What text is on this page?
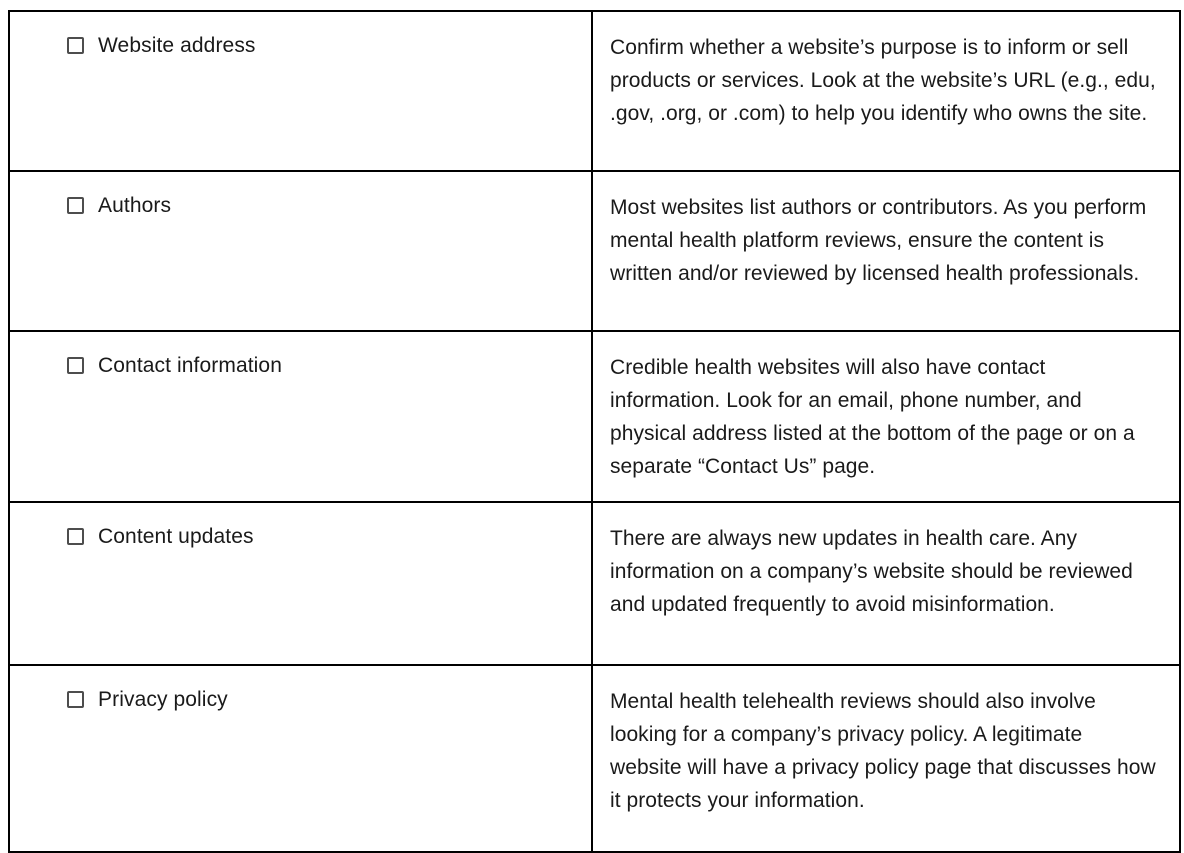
Website address	Confirm whether a website’s purpose is to inform or sell products or services. Look at the website’s URL (e.g., edu, .gov, .org, or .com) to help you identify who owns the site.

Authors	Most websites list authors or contributors. As you perform mental health platform reviews, ensure the content is written and/or reviewed by licensed health professionals.

Contact information	Credible health websites will also have contact information. Look for an email, phone number, and physical address listed at the bottom of the page or on a separate “Contact Us” page.

Content updates	There are always new updates in health care. Any information on a company’s website should be reviewed and updated frequently to avoid misinformation.

Privacy policy	Mental health telehealth reviews should also involve looking for a company’s privacy policy. A legitimate website will have a privacy policy page that discusses how it protects your information.
